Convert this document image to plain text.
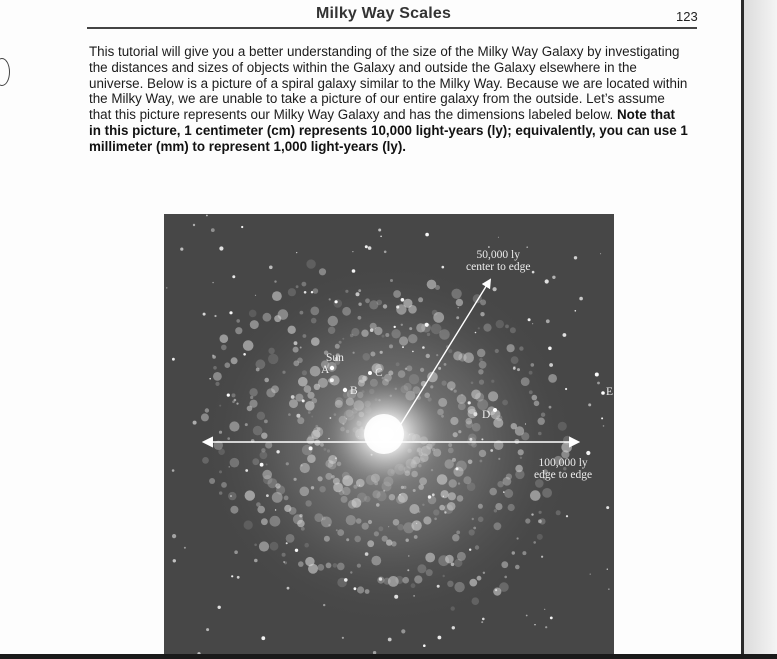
Milky Way Scales	123

This tutorial will give you a better understanding of the size of the Milky Way Galaxy by investigating the distances and sizes of objects within the Galaxy and outside the Galaxy elsewhere in the universe. Below is a picture of a spiral galaxy similar to the Milky Way. Because we are located within the Milky Way, we are unable to take a picture of our entire galaxy from the outside. Let’s assume that this picture represents our Milky Way Galaxy and has the dimensions labeled below. Note that in this picture, 1 centimeter (cm) represents 10,000 light-years (ly); equivalently, you can use 1 millimeter (mm) to represent 1,000 light-years (ly).

50,000 ly
center to edge
100,000 ly
edge to edge
Sun
A
B
C
D
E
